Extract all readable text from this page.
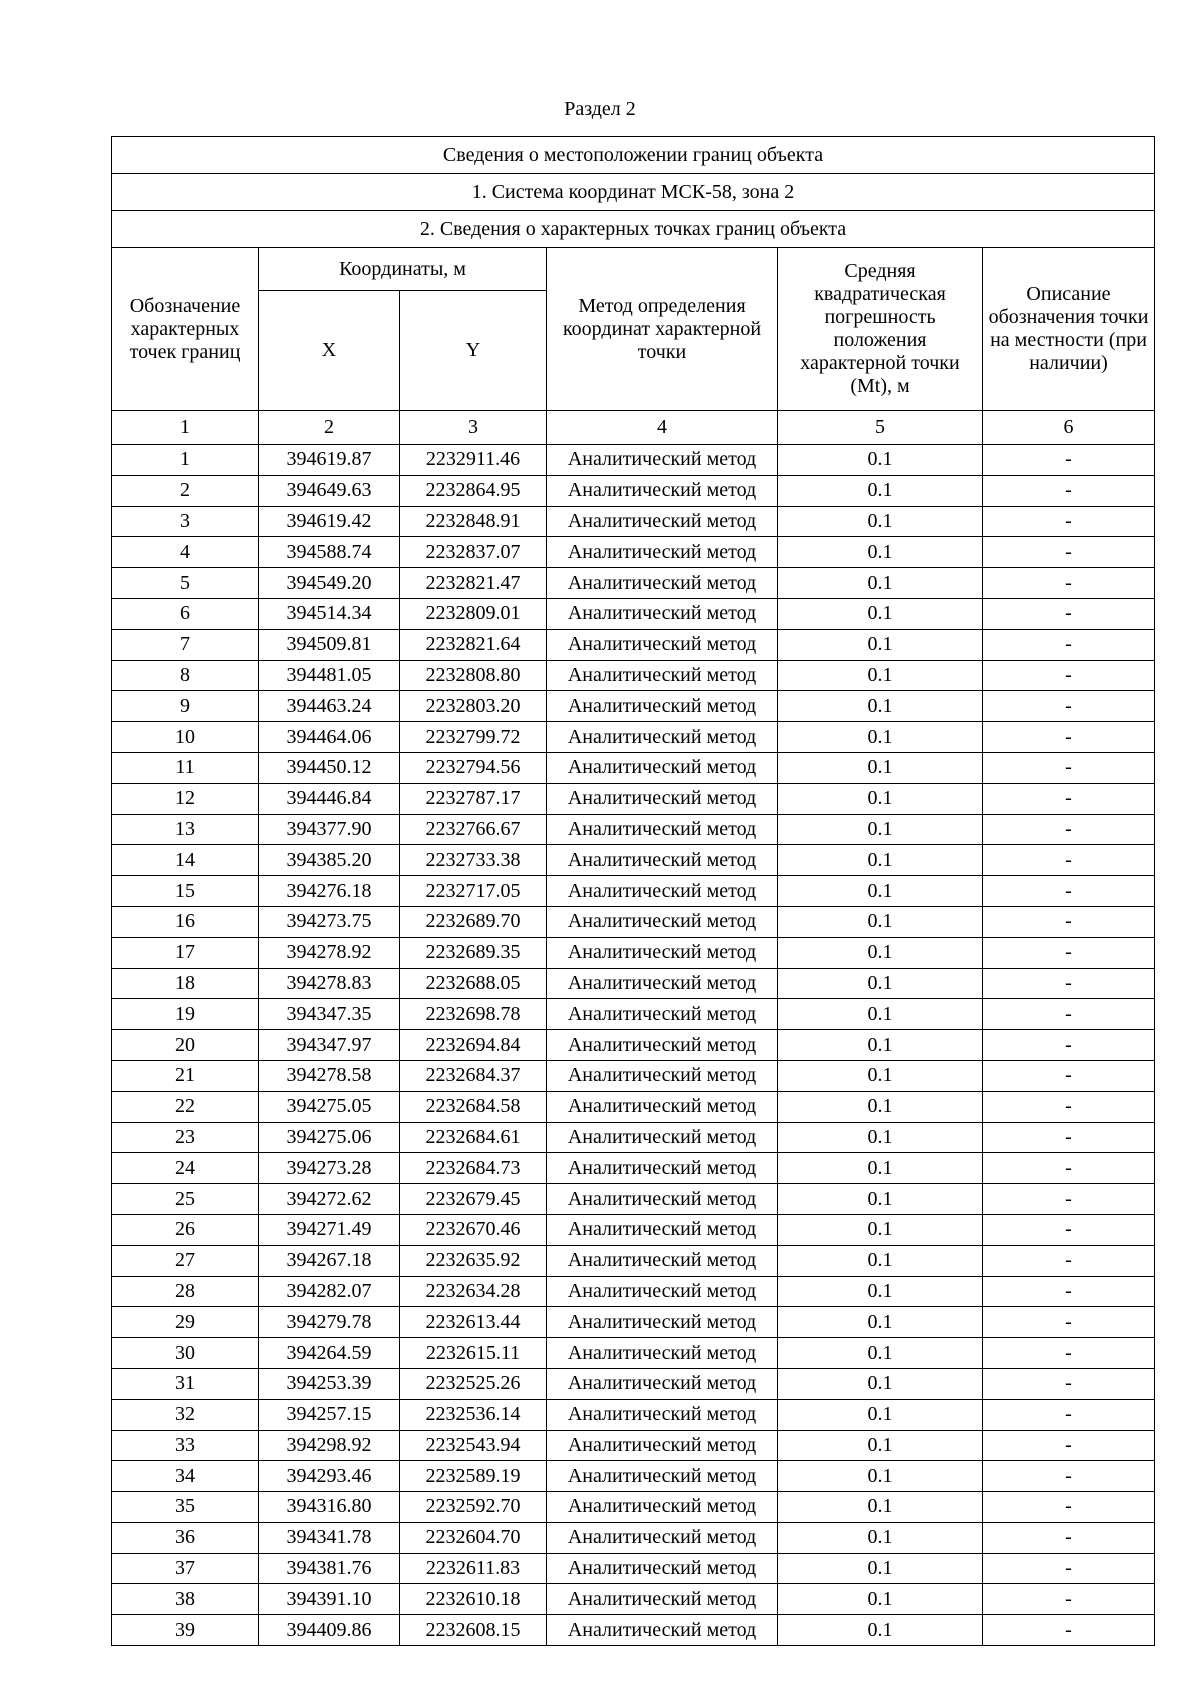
Раздел 2
Сведения о местоположении границ объекта					
1. Система координат МСК-58, зона 2					
2. Сведения о характерных точках границ объекта					
Обозначение характерных точек границ	Координаты, м		Метод определения координат характерной точки	Средняя квадратическая погрешность положения характерной точки (Mt), м	Описание обозначения точки на местности (при наличии)
	X	Y			
1	2	3	4	5	6
1	394619.87	2232911.46	Аналитический метод	0.1	-
2	394649.63	2232864.95	Аналитический метод	0.1	-
3	394619.42	2232848.91	Аналитический метод	0.1	-
4	394588.74	2232837.07	Аналитический метод	0.1	-
5	394549.20	2232821.47	Аналитический метод	0.1	-
6	394514.34	2232809.01	Аналитический метод	0.1	-
7	394509.81	2232821.64	Аналитический метод	0.1	-
8	394481.05	2232808.80	Аналитический метод	0.1	-
9	394463.24	2232803.20	Аналитический метод	0.1	-
10	394464.06	2232799.72	Аналитический метод	0.1	-
11	394450.12	2232794.56	Аналитический метод	0.1	-
12	394446.84	2232787.17	Аналитический метод	0.1	-
13	394377.90	2232766.67	Аналитический метод	0.1	-
14	394385.20	2232733.38	Аналитический метод	0.1	-
15	394276.18	2232717.05	Аналитический метод	0.1	-
16	394273.75	2232689.70	Аналитический метод	0.1	-
17	394278.92	2232689.35	Аналитический метод	0.1	-
18	394278.83	2232688.05	Аналитический метод	0.1	-
19	394347.35	2232698.78	Аналитический метод	0.1	-
20	394347.97	2232694.84	Аналитический метод	0.1	-
21	394278.58	2232684.37	Аналитический метод	0.1	-
22	394275.05	2232684.58	Аналитический метод	0.1	-
23	394275.06	2232684.61	Аналитический метод	0.1	-
24	394273.28	2232684.73	Аналитический метод	0.1	-
25	394272.62	2232679.45	Аналитический метод	0.1	-
26	394271.49	2232670.46	Аналитический метод	0.1	-
27	394267.18	2232635.92	Аналитический метод	0.1	-
28	394282.07	2232634.28	Аналитический метод	0.1	-
29	394279.78	2232613.44	Аналитический метод	0.1	-
30	394264.59	2232615.11	Аналитический метод	0.1	-
31	394253.39	2232525.26	Аналитический метод	0.1	-
32	394257.15	2232536.14	Аналитический метод	0.1	-
33	394298.92	2232543.94	Аналитический метод	0.1	-
34	394293.46	2232589.19	Аналитический метод	0.1	-
35	394316.80	2232592.70	Аналитический метод	0.1	-
36	394341.78	2232604.70	Аналитический метод	0.1	-
37	394381.76	2232611.83	Аналитический метод	0.1	-
38	394391.10	2232610.18	Аналитический метод	0.1	-
39	394409.86	2232608.15	Аналитический метод	0.1	-
